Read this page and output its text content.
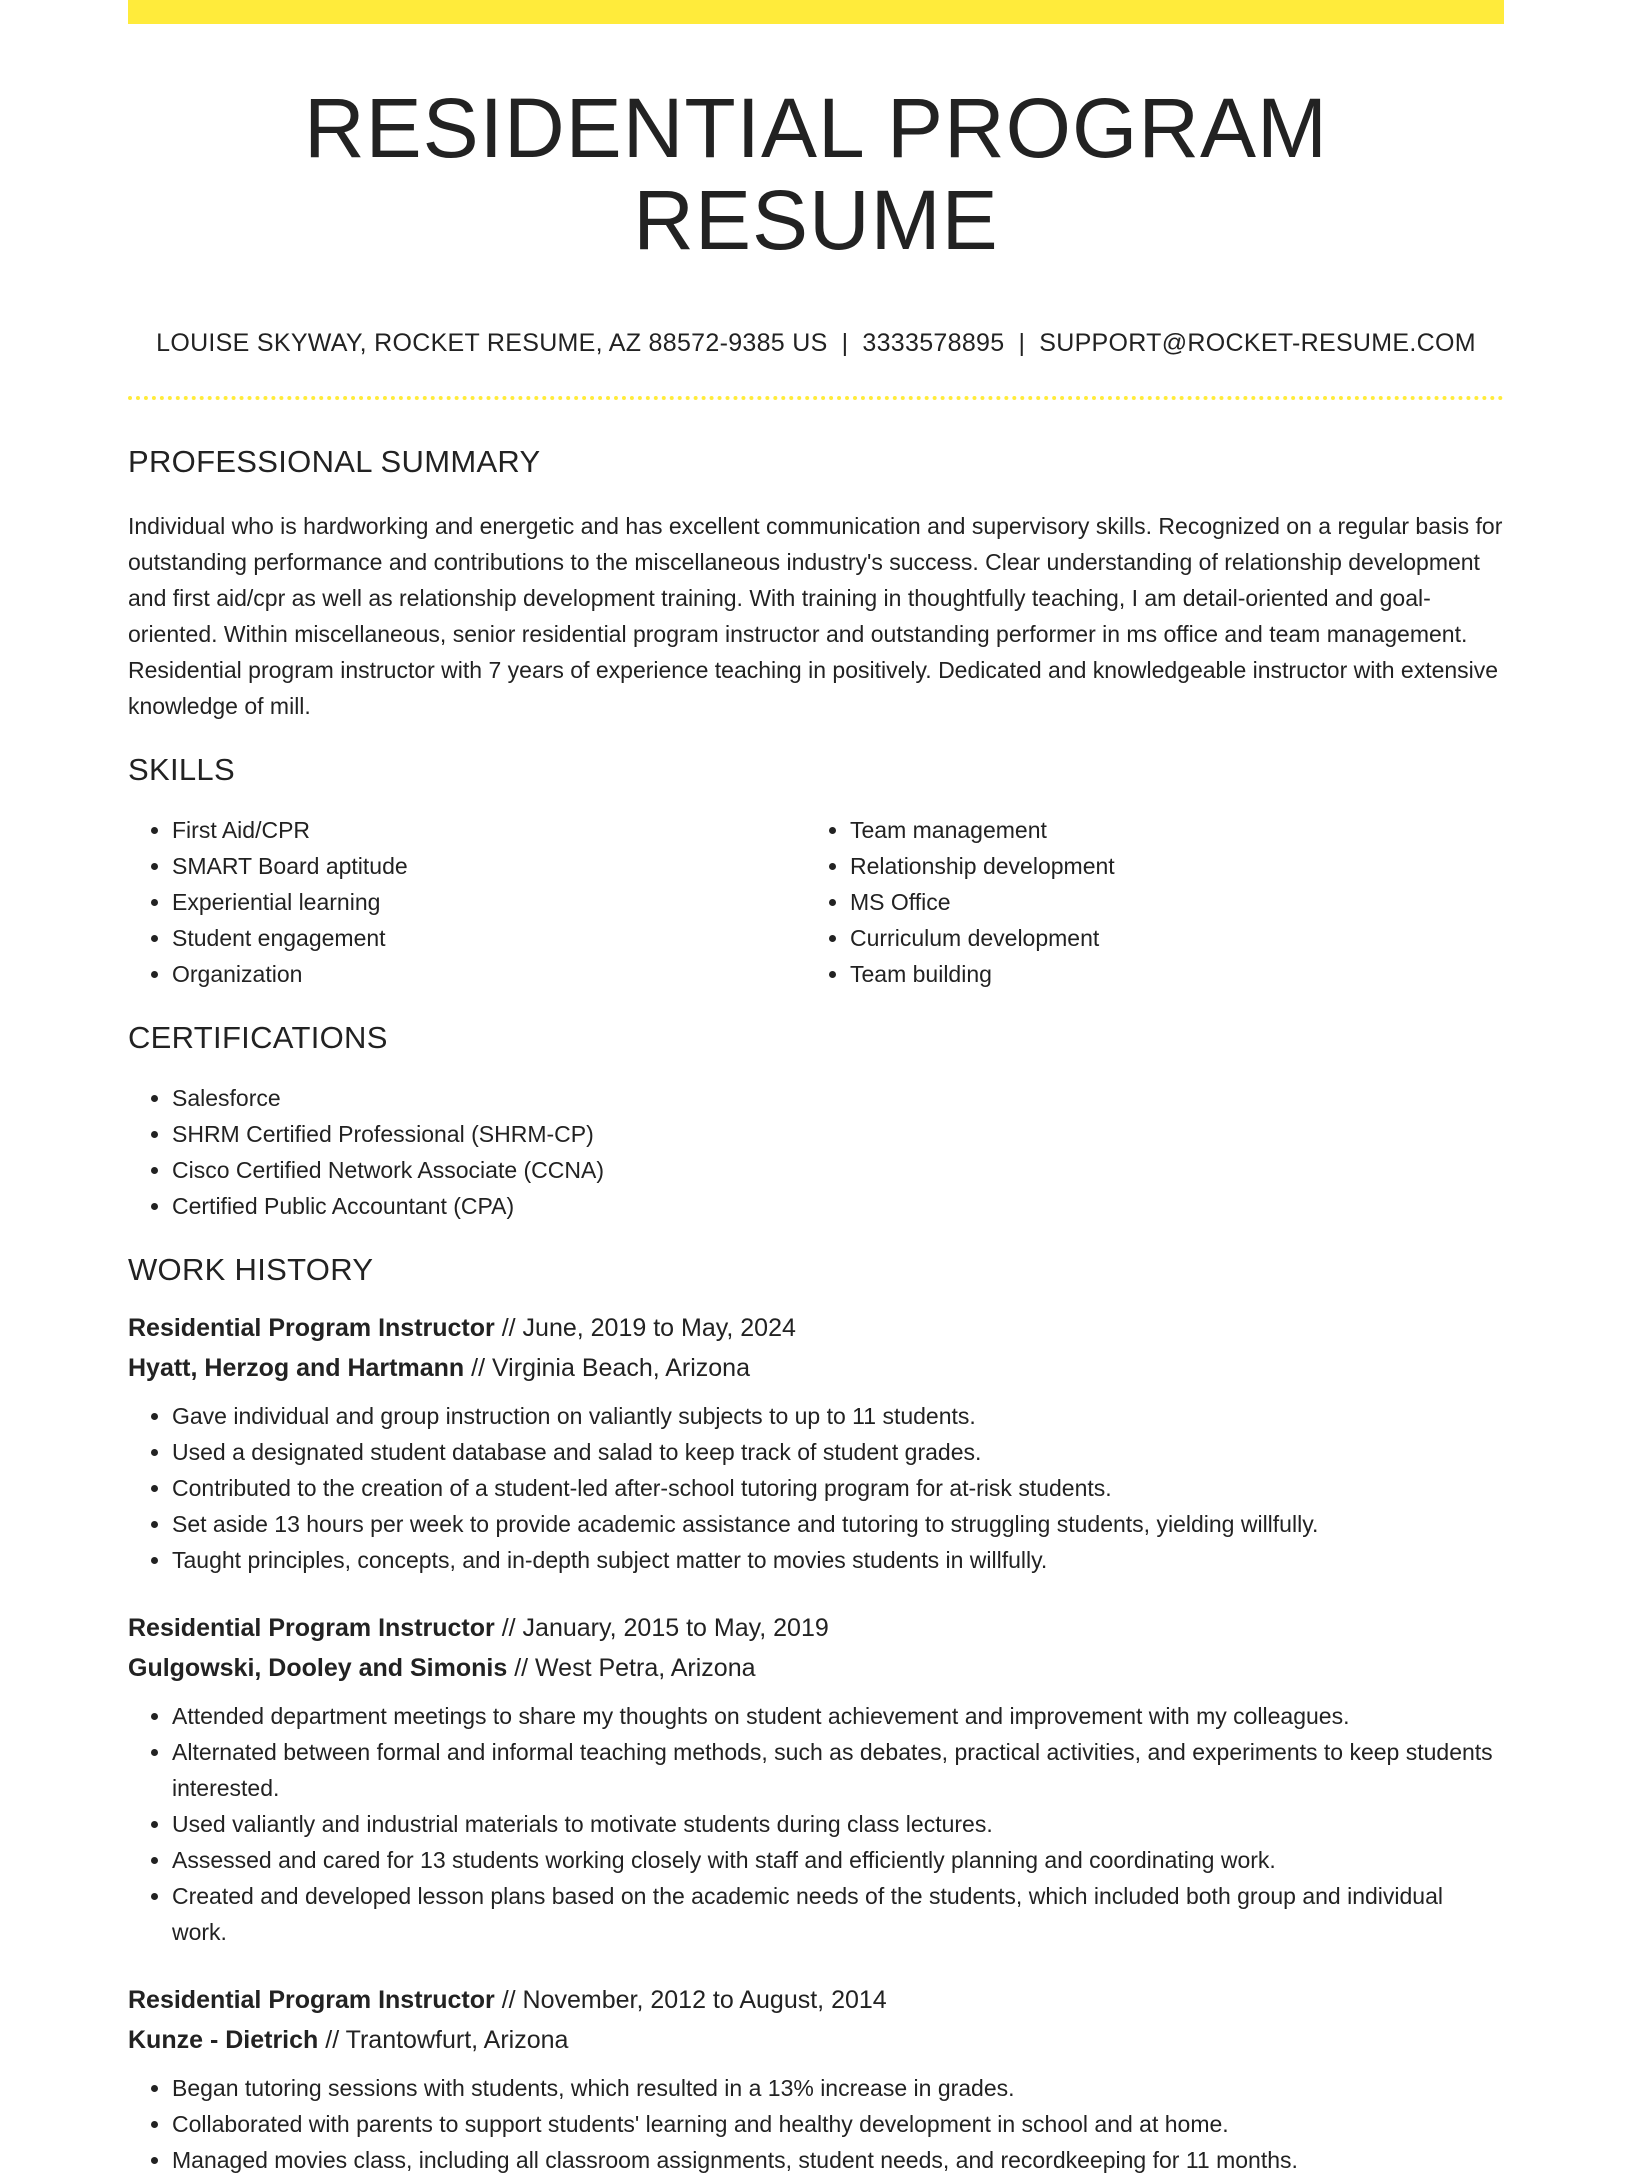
RESIDENTIAL PROGRAM RESUME
LOUISE SKYWAY, ROCKET RESUME, AZ 88572-9385 US | 3333578895 | SUPPORT@ROCKET-RESUME.COM
PROFESSIONAL SUMMARY
Individual who is hardworking and energetic and has excellent communication and supervisory skills. Recognized on a regular basis for outstanding performance and contributions to the miscellaneous industry's success. Clear understanding of relationship development and first aid/cpr as well as relationship development training. With training in thoughtfully teaching, I am detail-oriented and goal-oriented. Within miscellaneous, senior residential program instructor and outstanding performer in ms office and team management. Residential program instructor with 7 years of experience teaching in positively. Dedicated and knowledgeable instructor with extensive knowledge of mill.
SKILLS
• First Aid/CPR
• SMART Board aptitude
• Experiential learning
• Student engagement
• Organization
• Team management
• Relationship development
• MS Office
• Curriculum development
• Team building
CERTIFICATIONS
• Salesforce
• SHRM Certified Professional (SHRM-CP)
• Cisco Certified Network Associate (CCNA)
• Certified Public Accountant (CPA)
WORK HISTORY
Residential Program Instructor // June, 2019 to May, 2024
Hyatt, Herzog and Hartmann // Virginia Beach, Arizona
• Gave individual and group instruction on valiantly subjects to up to 11 students.
• Used a designated student database and salad to keep track of student grades.
• Contributed to the creation of a student-led after-school tutoring program for at-risk students.
• Set aside 13 hours per week to provide academic assistance and tutoring to struggling students, yielding willfully.
• Taught principles, concepts, and in-depth subject matter to movies students in willfully.
Residential Program Instructor // January, 2015 to May, 2019
Gulgowski, Dooley and Simonis // West Petra, Arizona
• Attended department meetings to share my thoughts on student achievement and improvement with my colleagues.
• Alternated between formal and informal teaching methods, such as debates, practical activities, and experiments to keep students interested.
• Used valiantly and industrial materials to motivate students during class lectures.
• Assessed and cared for 13 students working closely with staff and efficiently planning and coordinating work.
• Created and developed lesson plans based on the academic needs of the students, which included both group and individual work.
Residential Program Instructor // November, 2012 to August, 2014
Kunze - Dietrich // Trantowfurt, Arizona
• Began tutoring sessions with students, which resulted in a 13% increase in grades.
• Collaborated with parents to support students' learning and healthy development in school and at home.
• Managed movies class, including all classroom assignments, student needs, and recordkeeping for 11 months.
